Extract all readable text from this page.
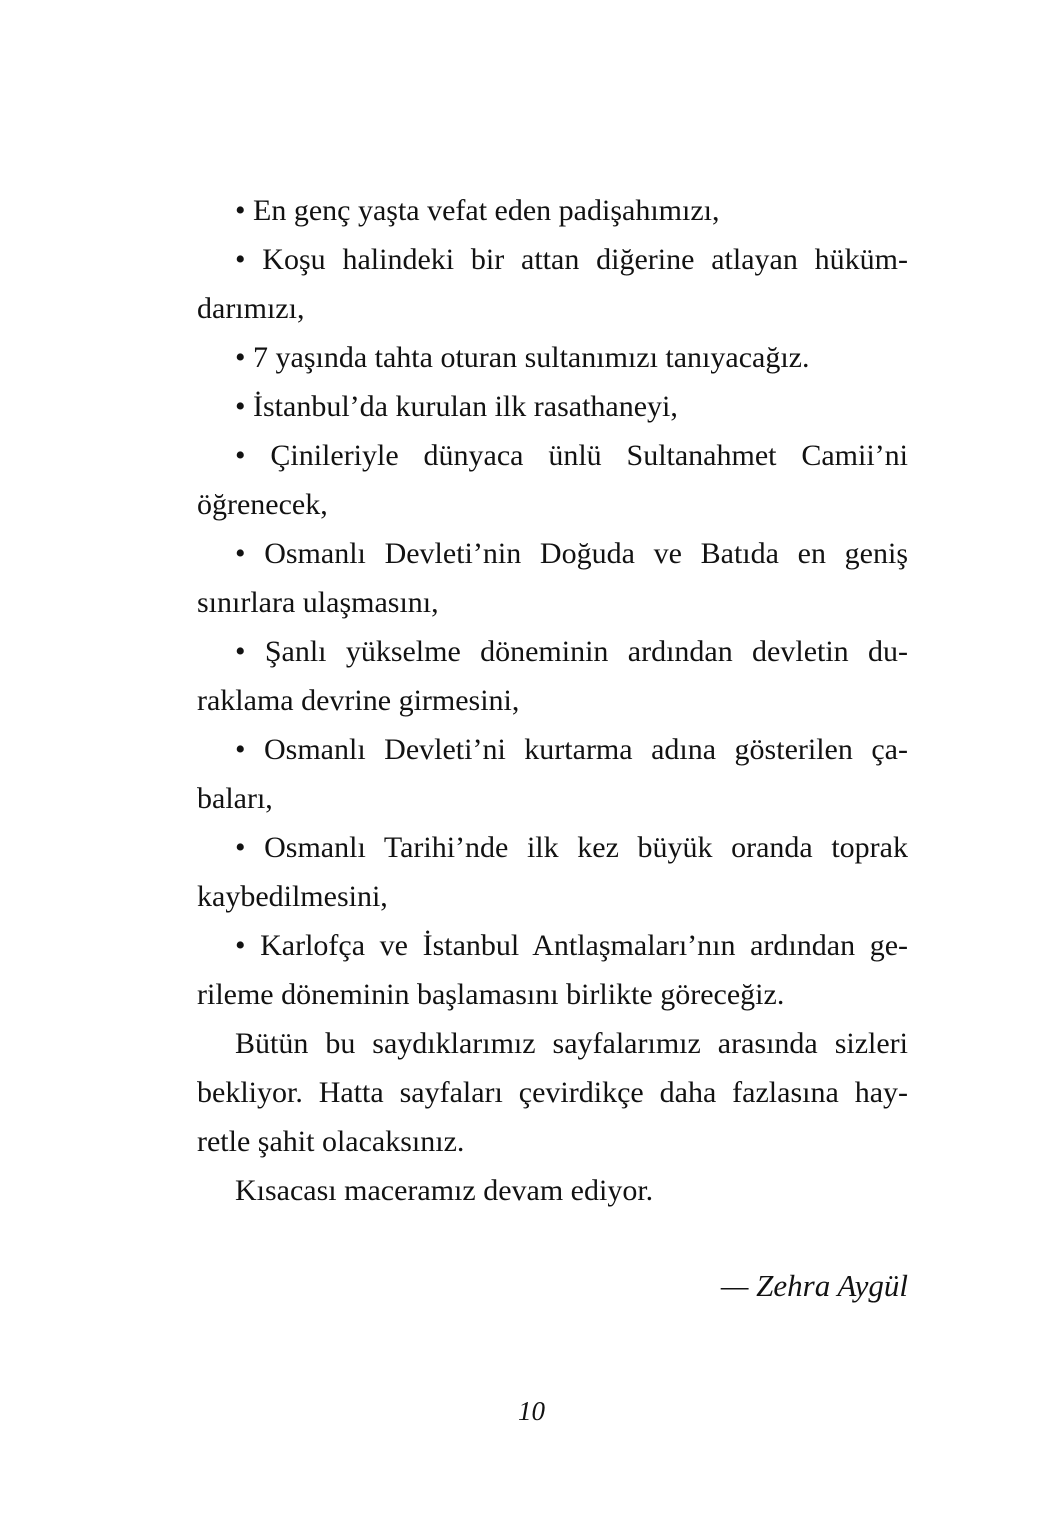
• En genç yaşta vefat eden padişahımızı,
• Koşu halindeki bir attan diğerine atlayan hüküm-
darımızı,
• 7 yaşında tahta oturan sultanımızı tanıyacağız.
• İstanbul’da kurulan ilk rasathaneyi,
• Çinileriyle dünyaca ünlü Sultanahmet Camii’ni
öğrenecek,
• Osmanlı Devleti’nin Doğuda ve Batıda en geniş
sınırlara ulaşmasını,
• Şanlı yükselme döneminin ardından devletin du-
raklama devrine girmesini,
• Osmanlı Devleti’ni kurtarma adına gösterilen ça-
baları,
• Osmanlı Tarihi’nde ilk kez büyük oranda toprak
kaybedilmesini,
• Karlofça ve İstanbul Antlaşmaları’nın ardından ge-
rileme döneminin başlamasını birlikte göreceğiz.
Bütün bu saydıklarımız sayfalarımız arasında sizleri
bekliyor. Hatta sayfaları çevirdikçe daha fazlasına hay-
retle şahit olacaksınız.
Kısacası maceramız devam ediyor.
— Zehra Aygül
10
